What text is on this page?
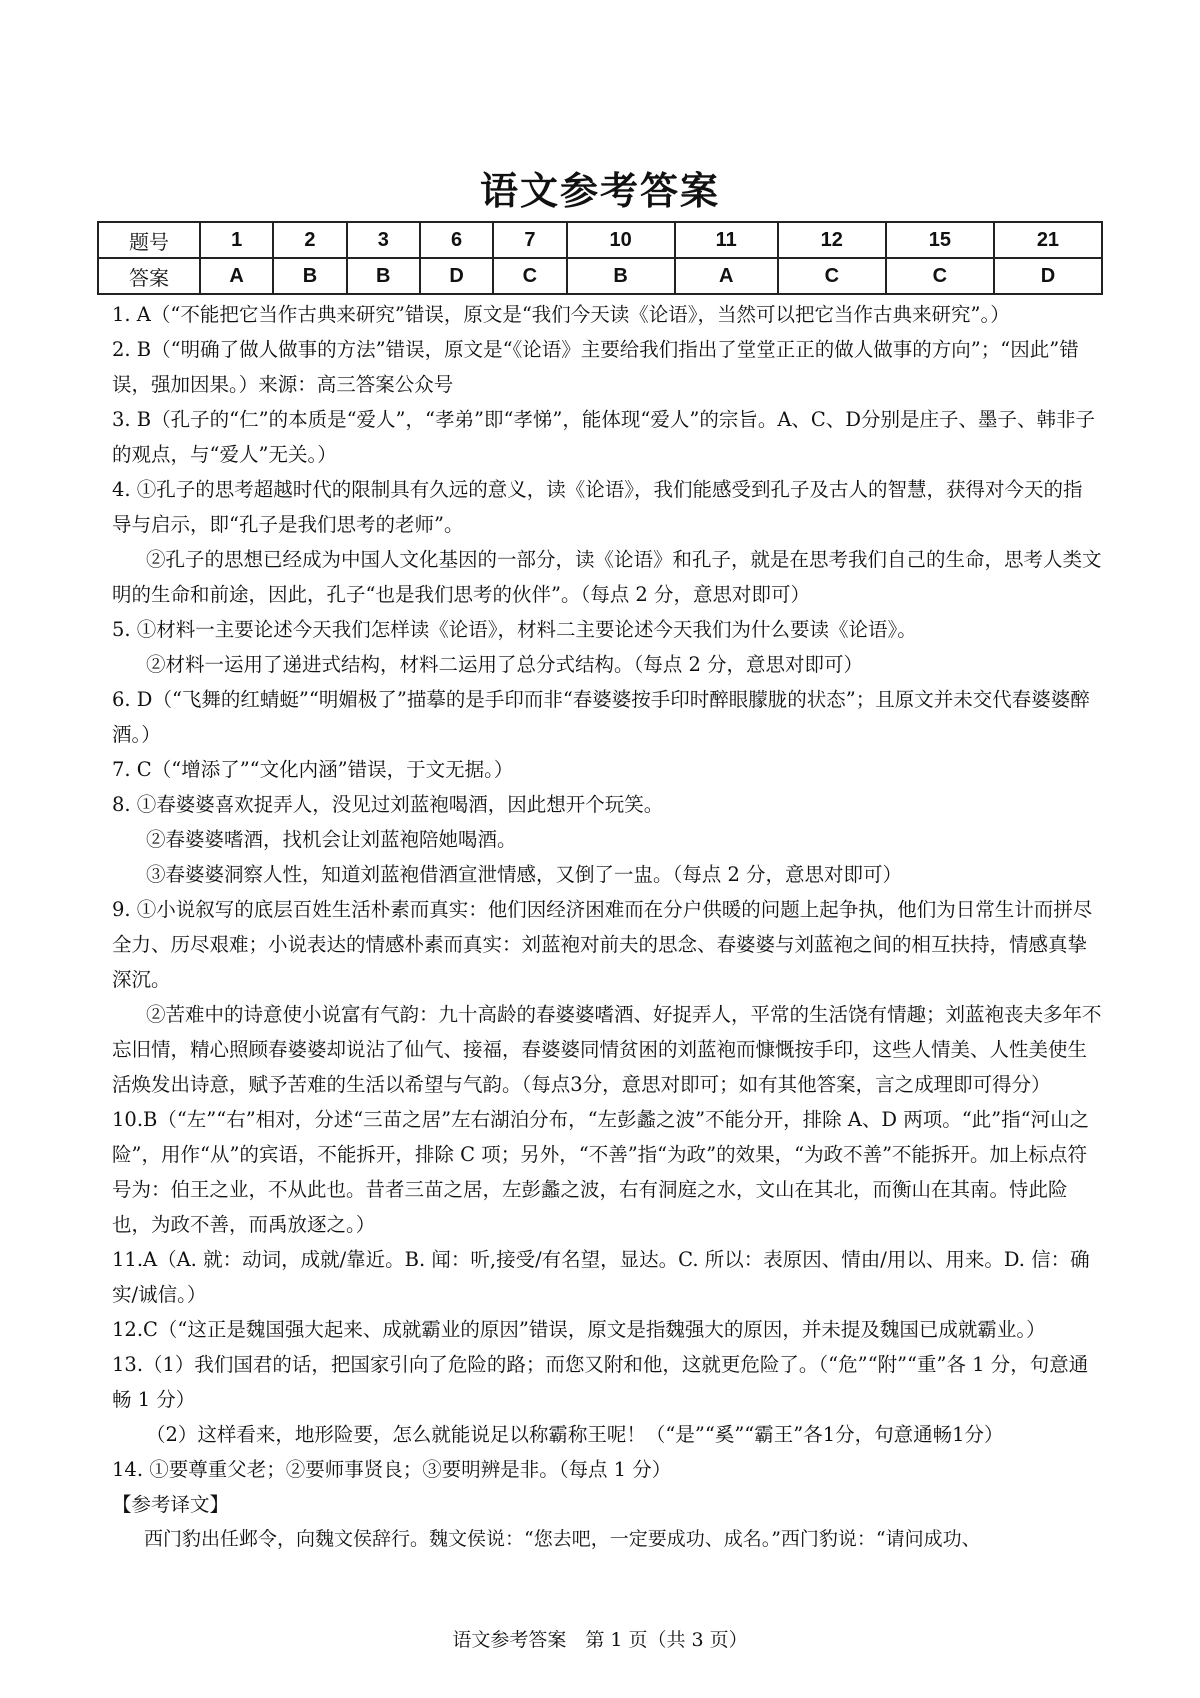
语文参考答案
题号	1	2	3	6	7	10	11	12	15	21
答案	A	B	B	D	C	B	A	C	C	D

1. A（“不能把它当作古典来研究”错误，原文是“我们今天读《论语》，当然可以把它当作古典来研究”。）

2. B（“明确了做人做事的方法”错误，原文是“《论语》主要给我们指出了堂堂正正的做人做事的方向”；“因此”错误，强加因果。）来源：高三答案公众号

3. B（孔子的“仁”的本质是“爱人”，“孝弟”即“孝悌”，能体现“爱人”的宗旨。A、C、D分别是庄子、墨子、韩非子的观点，与“爱人”无关。）

4. ①孔子的思考超越时代的限制具有久远的意义，读《论语》，我们能感受到孔子及古人的智慧，获得对今天的指导与启示，即“孔子是我们思考的老师”。

②孔子的思想已经成为中国人文化基因的一部分，读《论语》和孔子，就是在思考我们自己的生命，思考人类文明的生命和前途，因此，孔子“也是我们思考的伙伴”。（每点 2 分，意思对即可）

5. ①材料一主要论述今天我们怎样读《论语》，材料二主要论述今天我们为什么要读《论语》。

②材料一运用了递进式结构，材料二运用了总分式结构。（每点 2 分，意思对即可）

6. D（“飞舞的红蜻蜓”“明媚极了”描摹的是手印而非“春婆婆按手印时醉眼朦胧的状态”；且原文并未交代春婆婆醉酒。）

7. C（“增添了”“文化内涵”错误，于文无据。）

8. ①春婆婆喜欢捉弄人，没见过刘蓝袍喝酒，因此想开个玩笑。

②春婆婆嗜酒，找机会让刘蓝袍陪她喝酒。

③春婆婆洞察人性，知道刘蓝袍借酒宣泄情感，又倒了一盅。（每点 2 分，意思对即可）

9. ①小说叙写的底层百姓生活朴素而真实：他们因经济困难而在分户供暖的问题上起争执，他们为日常生计而拼尽全力、历尽艰难；小说表达的情感朴素而真实：刘蓝袍对前夫的思念、春婆婆与刘蓝袍之间的相互扶持，情感真挚深沉。

②苦难中的诗意使小说富有气韵：九十高龄的春婆婆嗜酒、好捉弄人，平常的生活饶有情趣；刘蓝袍丧夫多年不忘旧情，精心照顾春婆婆却说沾了仙气、接福，春婆婆同情贫困的刘蓝袍而慷慨按手印，这些人情美、人性美使生活焕发出诗意，赋予苦难的生活以希望与气韵。（每点3分，意思对即可；如有其他答案，言之成理即可得分）

10.B（“左”“右”相对，分述“三苗之居”左右湖泊分布，“左彭蠡之波”不能分开，排除 A、D 两项。“此”指“河山之险”，用作“从”的宾语，不能拆开，排除 C 项；另外，“不善”指“为政”的效果，“为政不善”不能拆开。加上标点符号为：伯王之业，不从此也。昔者三苗之居，左彭蠡之波，右有洞庭之水，文山在其北，而衡山在其南。恃此险也，为政不善，而禹放逐之。）

11.A（A. 就：动词，成就/靠近。B. 闻：听,接受/有名望，显达。C. 所以：表原因、情由/用以、用来。D. 信：确实/诚信。）

12.C（“这正是魏国强大起来、成就霸业的原因”错误，原文是指魏强大的原因，并未提及魏国已成就霸业。）

13.（1）我们国君的话，把国家引向了危险的路；而您又附和他，这就更危险了。（“危”“附”“重”各 1 分，句意通畅 1 分）

（2）这样看来，地形险要，怎么就能说足以称霸称王呢！（“是”“奚”“霸王”各1分，句意通畅1分）

14. ①要尊重父老；②要师事贤良；③要明辨是非。（每点 1 分）

【参考译文】

西门豹出任邺令，向魏文侯辞行。魏文侯说：“您去吧，一定要成功、成名。”西门豹说：“请问成功、

语文参考答案　第 1 页（共 3 页）
